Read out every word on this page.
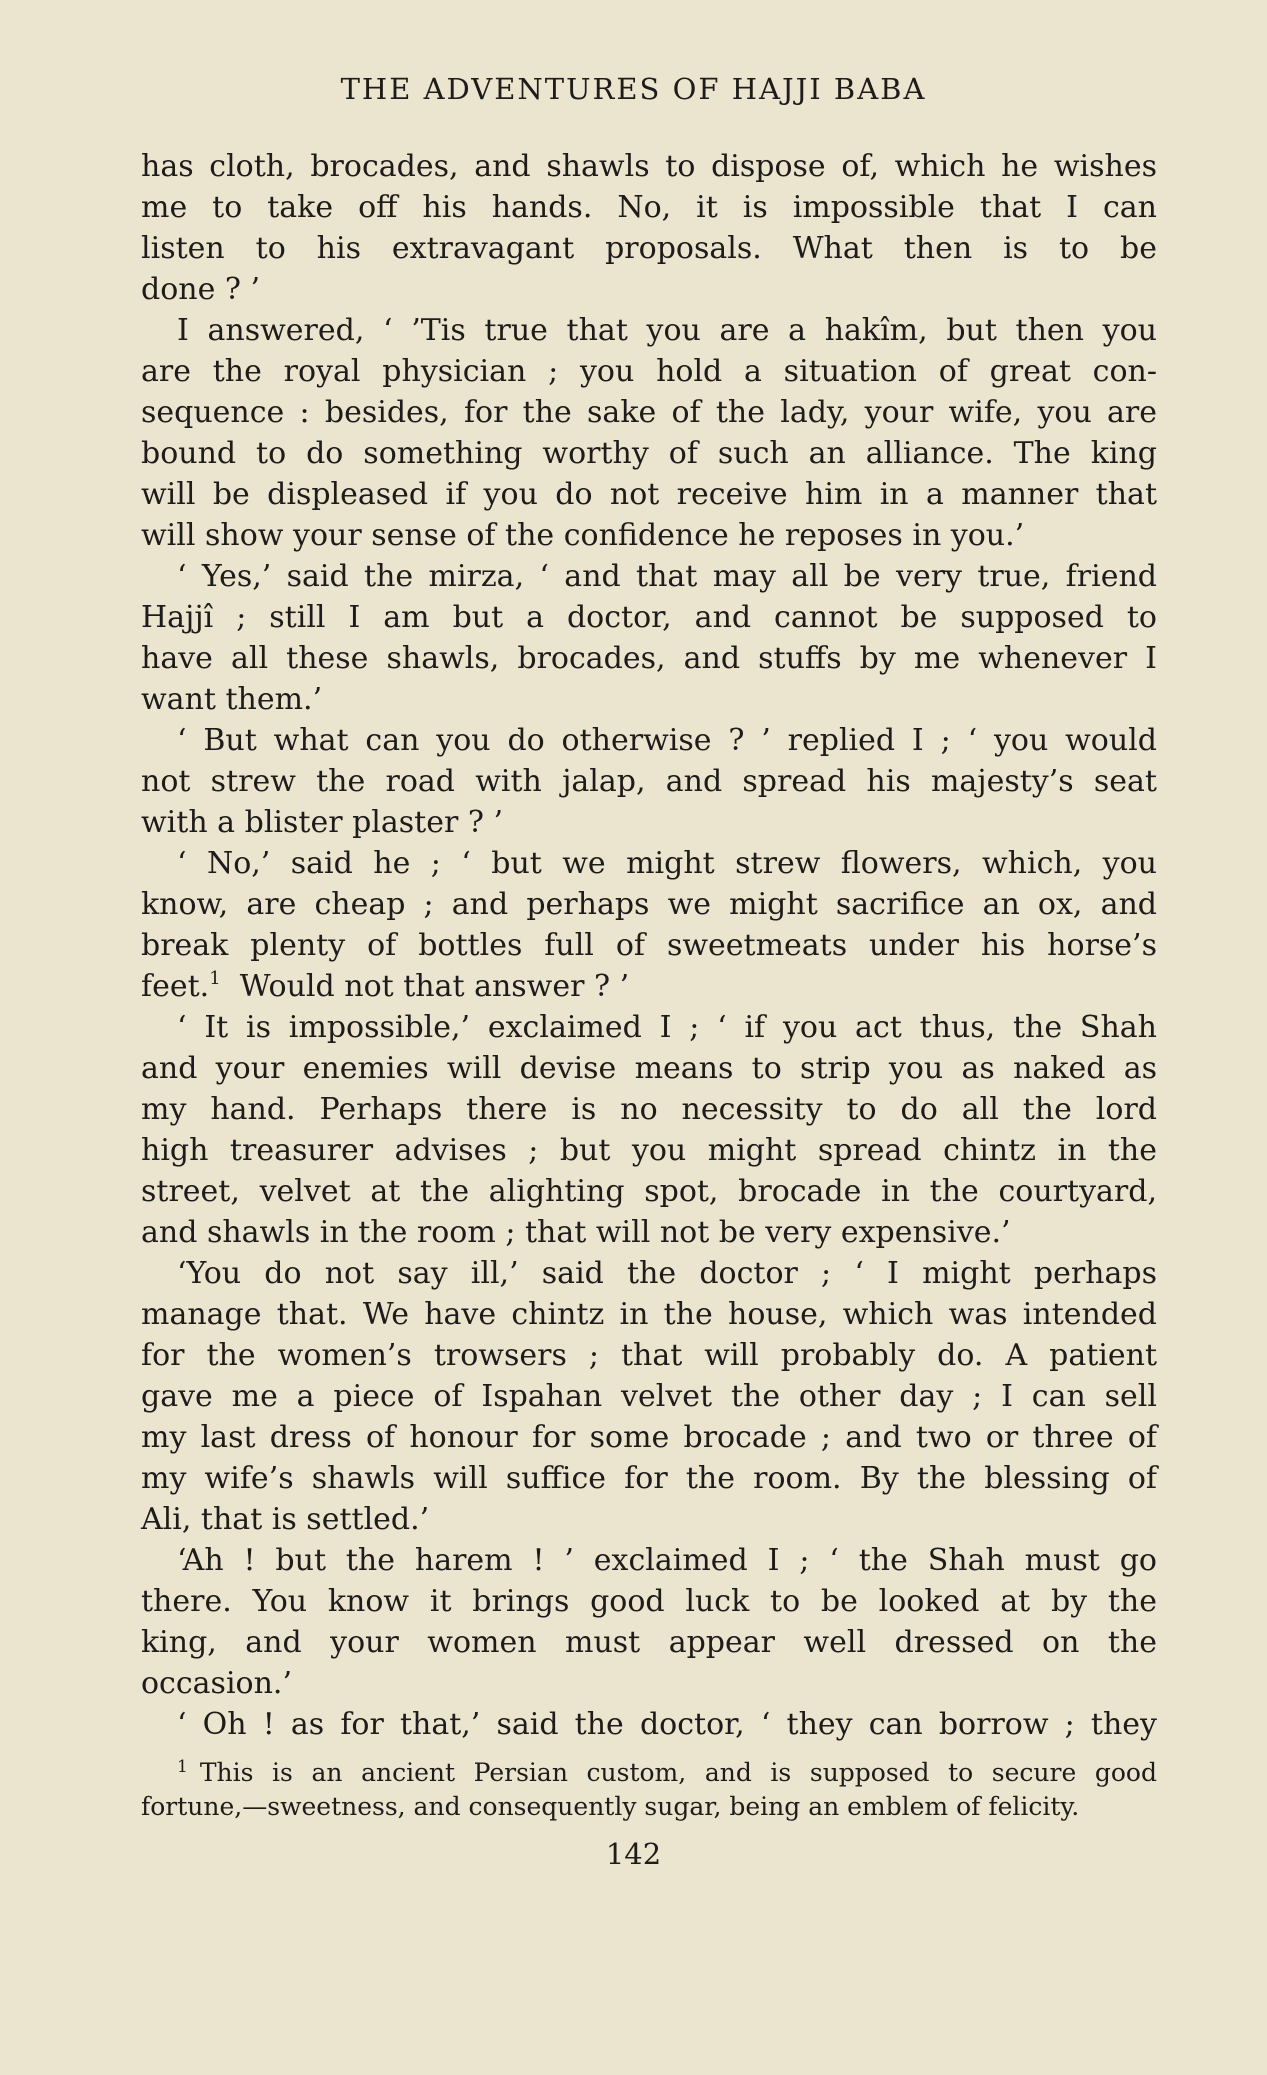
THE ADVENTURES OF HAJJI BABA
has cloth, brocades, and shawls to dispose of, which he wishes
me to take off his hands. No, it is impossible that I can
listen to his extravagant proposals. What then is to be
done ? ’
I answered, ‘ ’Tis true that you are a hakîm, but then you
are the royal physician ; you hold a situation of great con-
sequence : besides, for the sake of the lady, your wife, you are
bound to do something worthy of such an alliance. The king
will be displeased if you do not receive him in a manner that
will show your sense of the confidence he reposes in you.’
‘ Yes,’ said the mirza, ‘ and that may all be very true, friend
Hajjî ; still I am but a doctor, and cannot be supposed to
have all these shawls, brocades, and stuffs by me whenever I
want them.’
‘ But what can you do otherwise ? ’ replied I ; ‘ you would
not strew the road with jalap, and spread his majesty’s seat
with a blister plaster ? ’
‘ No,’ said he ; ‘ but we might strew flowers, which, you
know, are cheap ; and perhaps we might sacrifice an ox, and
break plenty of bottles full of sweetmeats under his horse’s
feet.$^1$  Would not that answer ? ’
‘ It is impossible,’ exclaimed I ; ‘ if you act thus, the Shah
and your enemies will devise means to strip you as naked as
my hand. Perhaps there is no necessity to do all the lord
high treasurer advises ; but you might spread chintz in the
street, velvet at the alighting spot, brocade in the courtyard,
and shawls in the room ; that will not be very expensive.’
‘You do not say ill,’ said the doctor ; ‘ I might perhaps
manage that. We have chintz in the house, which was intended
for the women’s trowsers ; that will probably do. A patient
gave me a piece of Ispahan velvet the other day ; I can sell
my last dress of honour for some brocade ; and two or three of
my wife’s shawls will suffice for the room. By the blessing of
Ali, that is settled.’
‘Ah ! but the harem ! ’ exclaimed I ; ‘ the Shah must go
there. You know it brings good luck to be looked at by the
king, and your women must appear well dressed on the
occasion.’
‘ Oh ! as for that,’ said the doctor, ‘ they can borrow ; they
$^1$ This is an ancient Persian custom, and is supposed to secure good
fortune,—sweetness, and consequently sugar, being an emblem of felicity.
142
